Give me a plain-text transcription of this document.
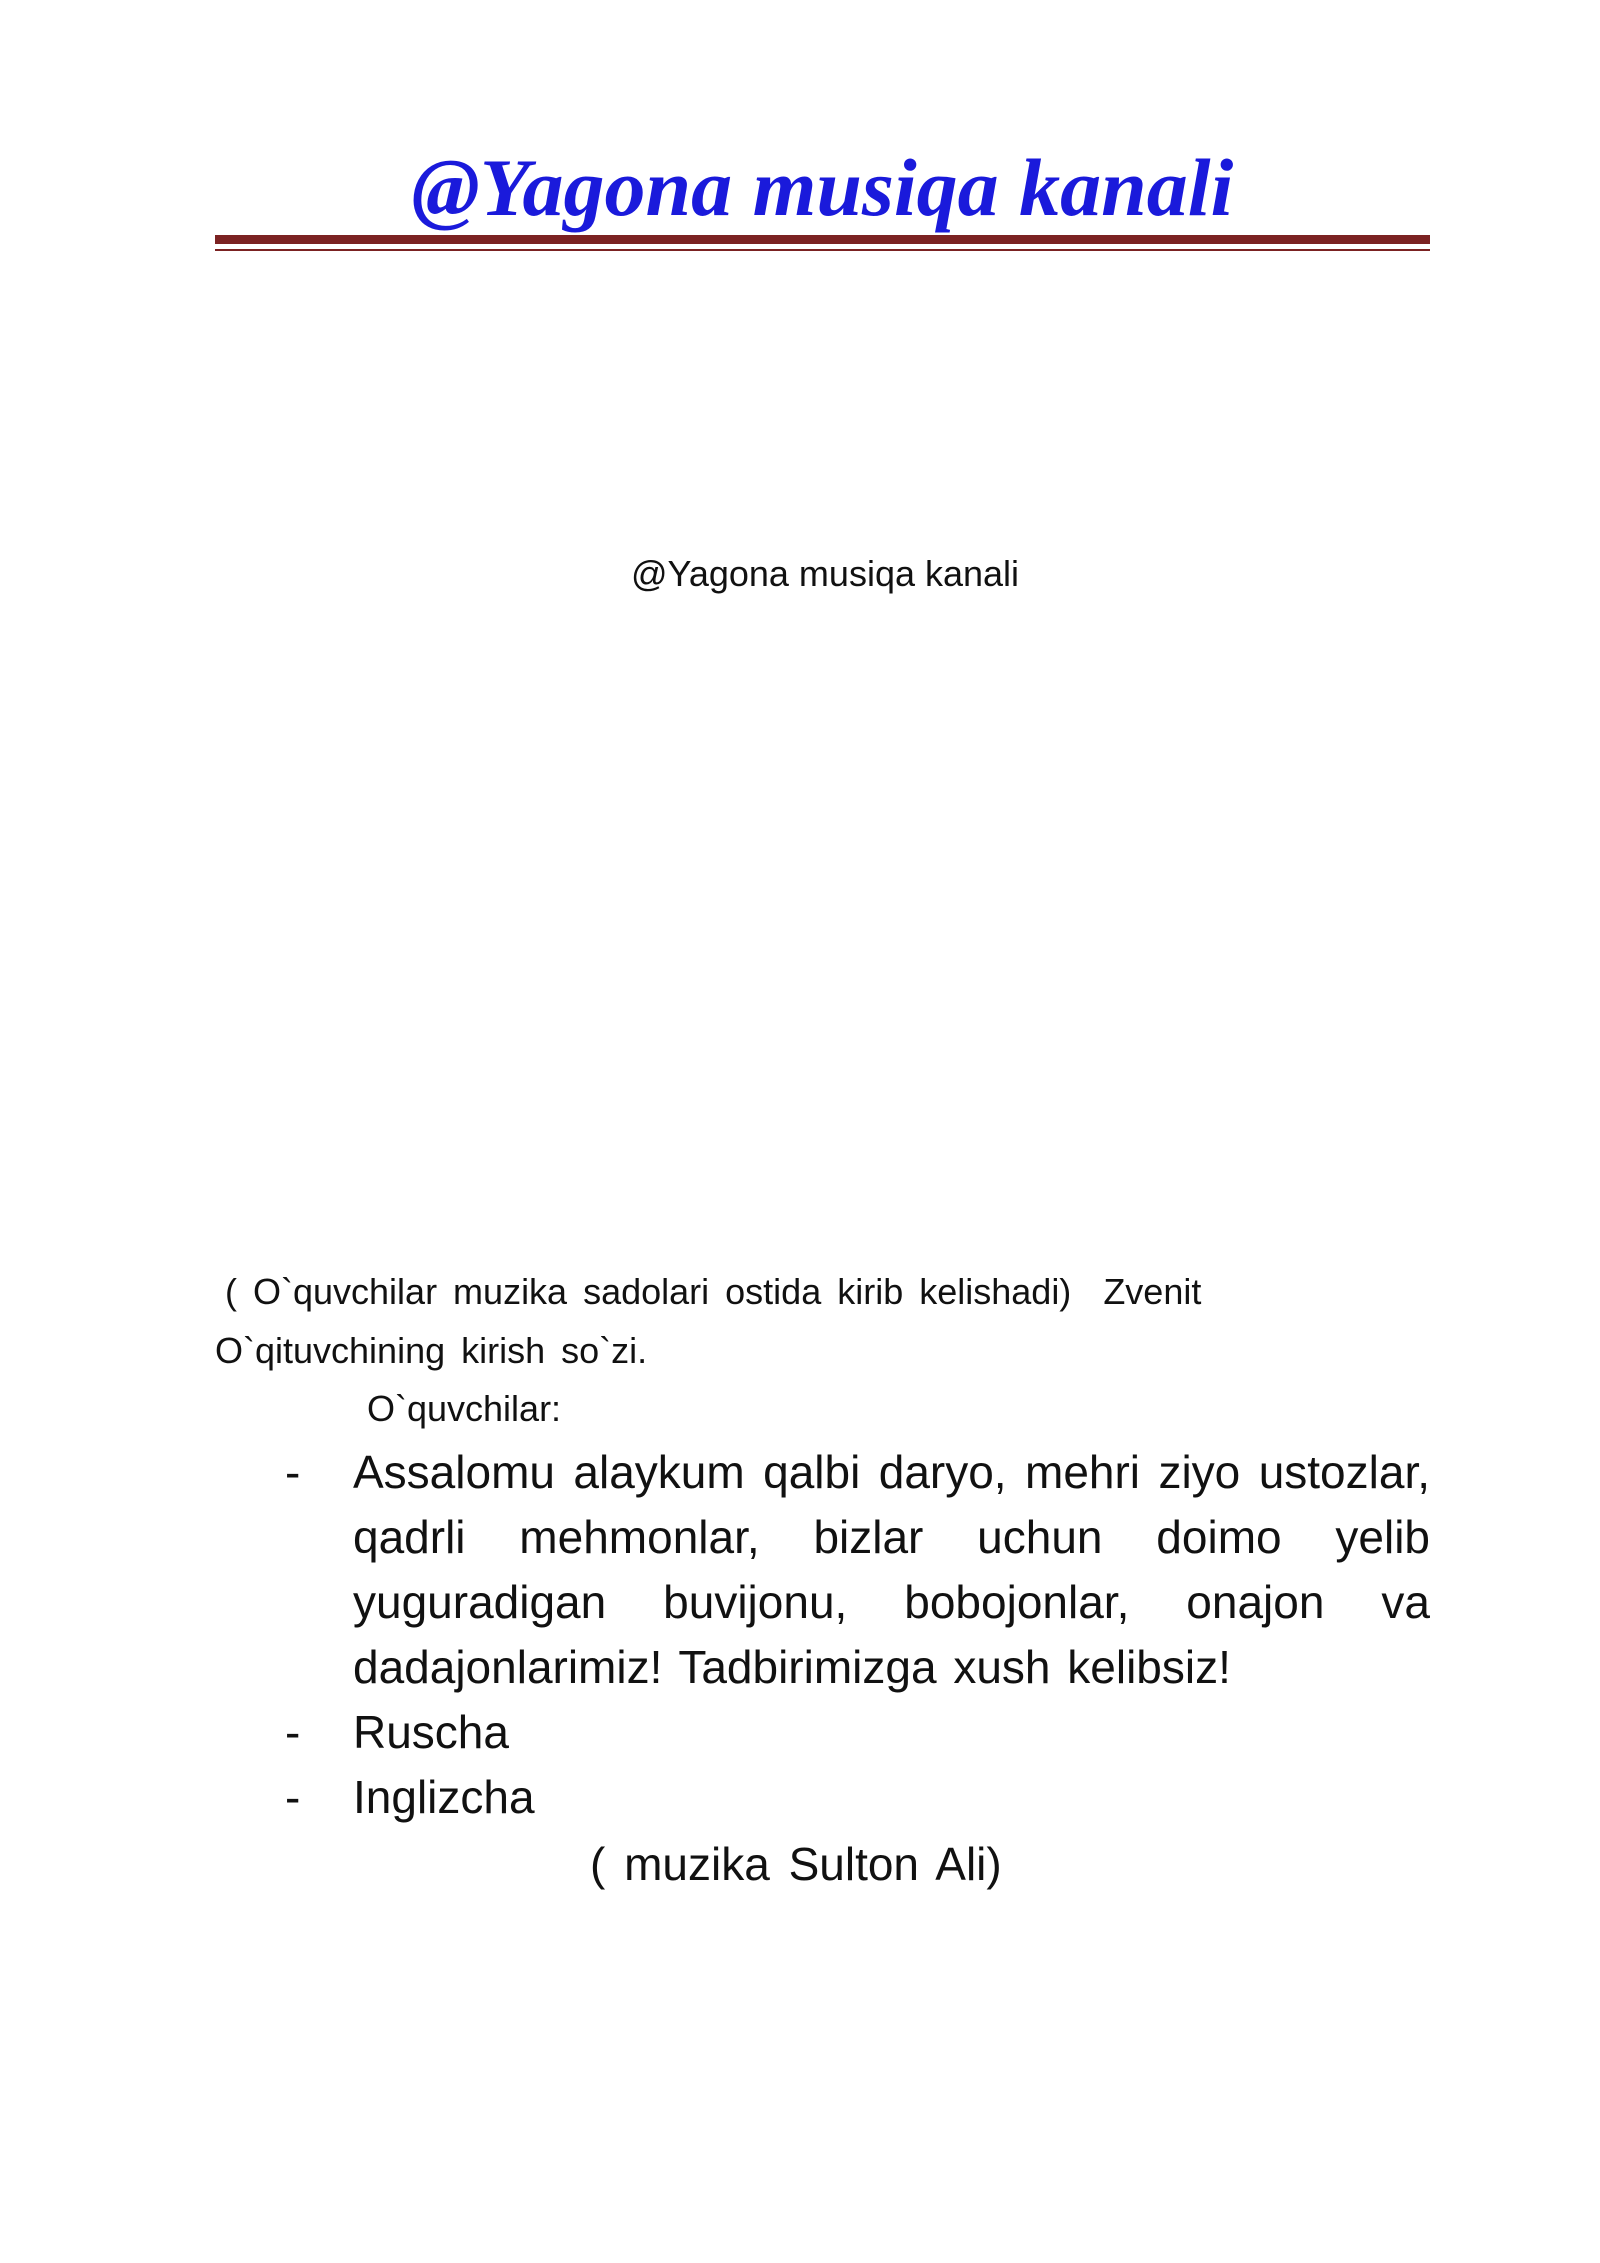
@Yagona musiqa kanali
@Yagona musiqa kanali
( O`quvchilar muzika sadolari ostida kirib kelishadi) Zvenit
O`qituvchining kirish so`zi.
O`quvchilar:
- Assalomu alaykum qalbi daryo, mehri ziyo ustozlar, qadrli mehmonlar, bizlar uchun doimo yelib yuguradigan buvijonu, bobojonlar, onajon va dadajonlarimiz! Tadbirimizga xush kelibsiz!
- Ruscha
- Inglizcha
( muzika Sulton Ali)
